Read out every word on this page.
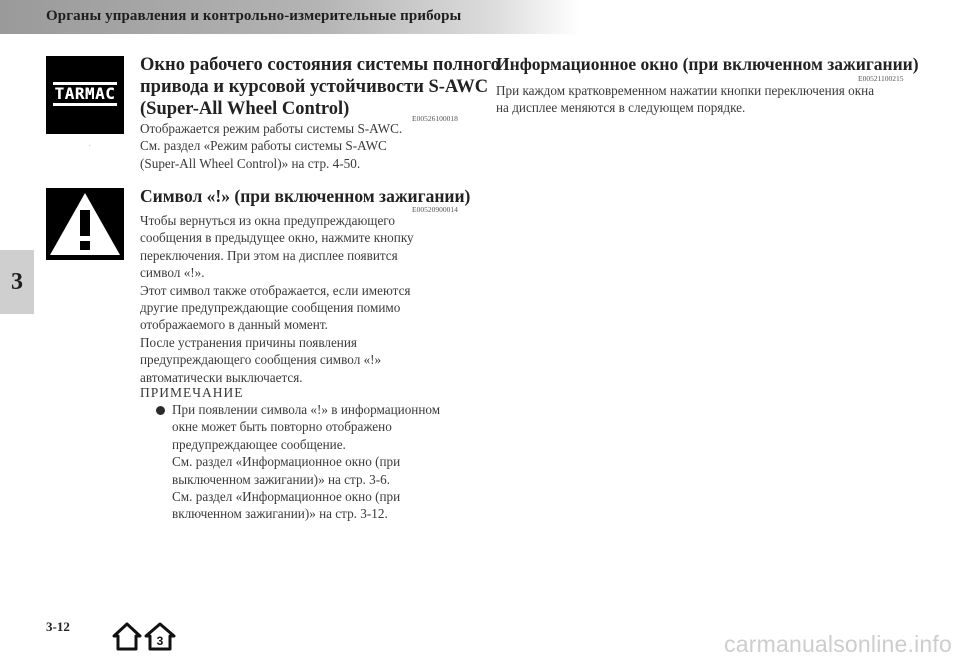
Органы управления и контрольно-измерительные приборы
3
TARMAC
·
Окно рабочего состояния системы полного
привода и курсовой устойчивости S-AWC
(Super-All Wheel Control)	E00526100018
Отображается режим работы системы S-AWC.
См. раздел «Режим работы системы S-AWC
(Super-All Wheel Control)» на стр. 4-50.
Символ «!» (при включенном зажигании)
E00520900014
Чтобы вернуться из окна предупреждающего
сообщения в предыдущее окно, нажмите кнопку
переключения. При этом на дисплее появится
символ «!».
Этот символ также отображается, если имеются
другие предупреждающие сообщения помимо
отображаемого в данный момент.
После устранения причины появления
предупреждающего сообщения символ «!»
автоматически выключается.
ПРИМЕЧАНИЕ
При появлении символа «!» в информационном
окне может быть повторно отображено
предупреждающее сообщение.
См. раздел «Информационное окно (при
выключенном зажигании)» на стр. 3-6.
См. раздел «Информационное окно (при
включенном зажигании)» на стр. 3-12.
Информационное окно (при включенном зажигании)
E00521100215
При каждом кратковременном нажатии кнопки переключения окна
на дисплее меняются в следующем порядке.
3-12
3	carmanualsonline.info
